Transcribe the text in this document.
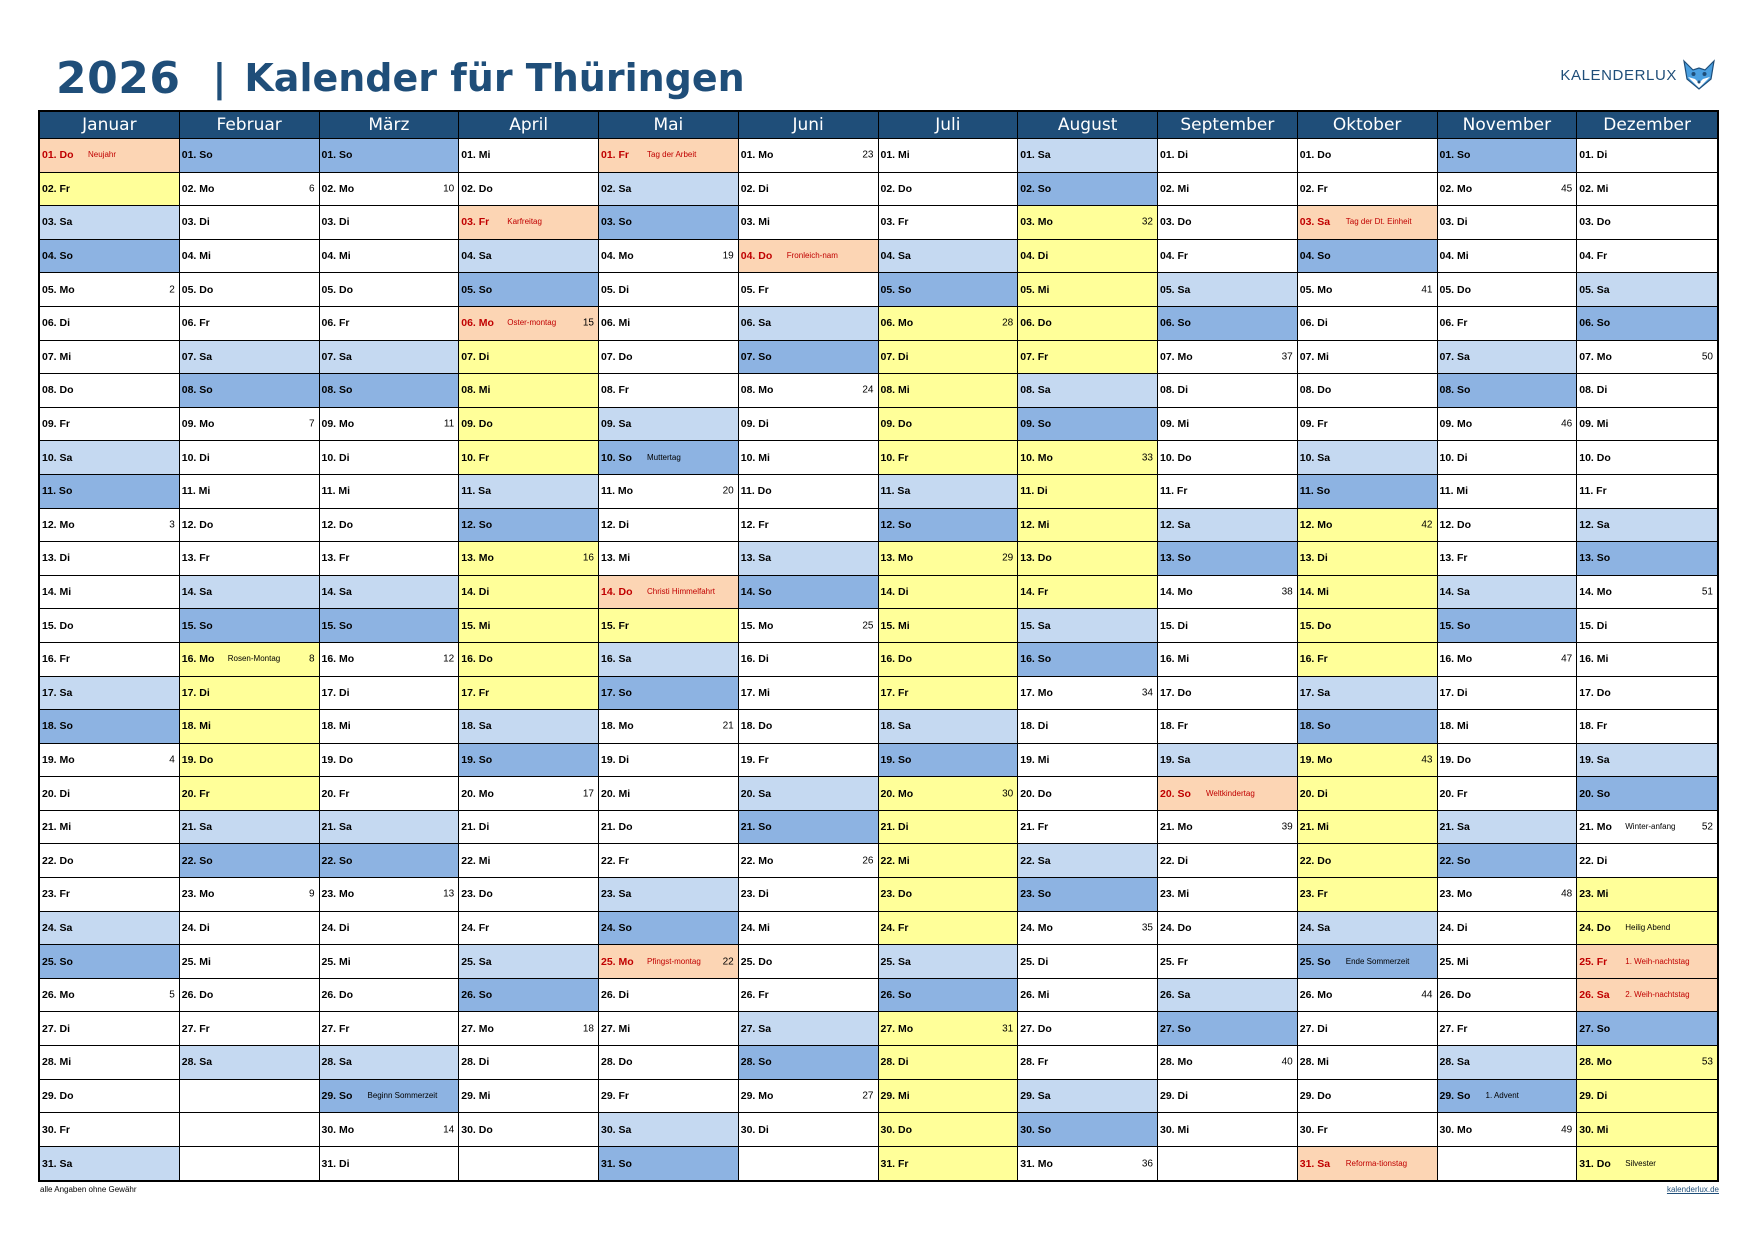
2026 | Kalender für Thüringen	KALENDERLUX
Januar
01. Do Neujahr
02. Fr
03. Sa
04. So
05. Mo	2
06. Di
07. Mi
08. Do
09. Fr
10. Sa
11. So
12. Mo	3
13. Di
14. Mi
15. Do
16. Fr
17. Sa
18. So
19. Mo	4
20. Di
21. Mi
22. Do
23. Fr
24. Sa
25. So
26. Mo	5
27. Di
28. Mi
29. Do
30. Fr
31. Sa
Februar
01. So
02. Mo	6
03. Di
04. Mi
05. Do
06. Fr
07. Sa
08. So
09. Mo	7
10. Di
11. Mi
12. Do
13. Fr
14. Sa
15. So
16. Mo Rosen-Montag	8
17. Di
18. Mi
19. Do
20. Fr
21. Sa
22. So
23. Mo	9
24. Di
25. Mi
26. Do
27. Fr
28. Sa
März
01. So
02. Mo	10
03. Di
04. Mi
05. Do
06. Fr
07. Sa
08. So
09. Mo	11
10. Di
11. Mi
12. Do
13. Fr
14. Sa
15. So
16. Mo	12
17. Di
18. Mi
19. Do
20. Fr
21. Sa
22. So
23. Mo	13
24. Di
25. Mi
26. Do
27. Fr
28. Sa
29. So Beginn Sommerzeit
30. Mo	14
31. Di
April
01. Mi
02. Do
03. Fr Karfreitag
04. Sa
05. So
06. Mo Oster-montag	15
07. Di
08. Mi
09. Do
10. Fr
11. Sa
12. So
13. Mo	16
14. Di
15. Mi
16. Do
17. Fr
18. Sa
19. So
20. Mo	17
21. Di
22. Mi
23. Do
24. Fr
25. Sa
26. So
27. Mo	18
28. Di
29. Mi
30. Do
Mai
01. Fr Tag der Arbeit
02. Sa
03. So
04. Mo	19
05. Di
06. Mi
07. Do
08. Fr
09. Sa
10. So Muttertag
11. Mo	20
12. Di
13. Mi
14. Do Christi Himmelfahrt
15. Fr
16. Sa
17. So
18. Mo	21
19. Di
20. Mi
21. Do
22. Fr
23. Sa
24. So
25. Mo Pfingst-montag	22
26. Di
27. Mi
28. Do
29. Fr
30. Sa
31. So
Juni
01. Mo	23
02. Di
03. Mi
04. Do Fronleich-nam
05. Fr
06. Sa
07. So
08. Mo	24
09. Di
10. Mi
11. Do
12. Fr
13. Sa
14. So
15. Mo	25
16. Di
17. Mi
18. Do
19. Fr
20. Sa
21. So
22. Mo	26
23. Di
24. Mi
25. Do
26. Fr
27. Sa
28. So
29. Mo	27
30. Di
Juli
01. Mi
02. Do
03. Fr
04. Sa
05. So
06. Mo	28
07. Di
08. Mi
09. Do
10. Fr
11. Sa
12. So
13. Mo	29
14. Di
15. Mi
16. Do
17. Fr
18. Sa
19. So
20. Mo	30
21. Di
22. Mi
23. Do
24. Fr
25. Sa
26. So
27. Mo	31
28. Di
29. Mi
30. Do
31. Fr
August
01. Sa
02. So
03. Mo	32
04. Di
05. Mi
06. Do
07. Fr
08. Sa
09. So
10. Mo	33
11. Di
12. Mi
13. Do
14. Fr
15. Sa
16. So
17. Mo	34
18. Di
19. Mi
20. Do
21. Fr
22. Sa
23. So
24. Mo	35
25. Di
26. Mi
27. Do
28. Fr
29. Sa
30. So
31. Mo	36
September
01. Di
02. Mi
03. Do
04. Fr
05. Sa
06. So
07. Mo	37
08. Di
09. Mi
10. Do
11. Fr
12. Sa
13. So
14. Mo	38
15. Di
16. Mi
17. Do
18. Fr
19. Sa
20. So Weltkindertag
21. Mo	39
22. Di
23. Mi
24. Do
25. Fr
26. Sa
27. So
28. Mo	40
29. Di
30. Mi
Oktober
01. Do
02. Fr
03. Sa Tag der Dt. Einheit
04. So
05. Mo	41
06. Di
07. Mi
08. Do
09. Fr
10. Sa
11. So
12. Mo	42
13. Di
14. Mi
15. Do
16. Fr
17. Sa
18. So
19. Mo	43
20. Di
21. Mi
22. Do
23. Fr
24. Sa
25. So Ende Sommerzeit
26. Mo	44
27. Di
28. Mi
29. Do
30. Fr
31. Sa Reforma-tionstag
November
01. So
02. Mo	45
03. Di
04. Mi
05. Do
06. Fr
07. Sa
08. So
09. Mo	46
10. Di
11. Mi
12. Do
13. Fr
14. Sa
15. So
16. Mo	47
17. Di
18. Mi
19. Do
20. Fr
21. Sa
22. So
23. Mo	48
24. Di
25. Mi
26. Do
27. Fr
28. Sa
29. So 1. Advent
30. Mo	49
Dezember
01. Di
02. Mi
03. Do
04. Fr
05. Sa
06. So
07. Mo	50
08. Di
09. Mi
10. Do
11. Fr
12. Sa
13. So
14. Mo	51
15. Di
16. Mi
17. Do
18. Fr
19. Sa
20. So
21. Mo Winter-anfang	52
22. Di
23. Mi
24. Do Heilig Abend
25. Fr 1. Weih-nachtstag
26. Sa 2. Weih-nachtstag
27. So
28. Mo	53
29. Di
30. Mi
31. Do Silvester
alle Angaben ohne Gewähr	kalenderlux.de
